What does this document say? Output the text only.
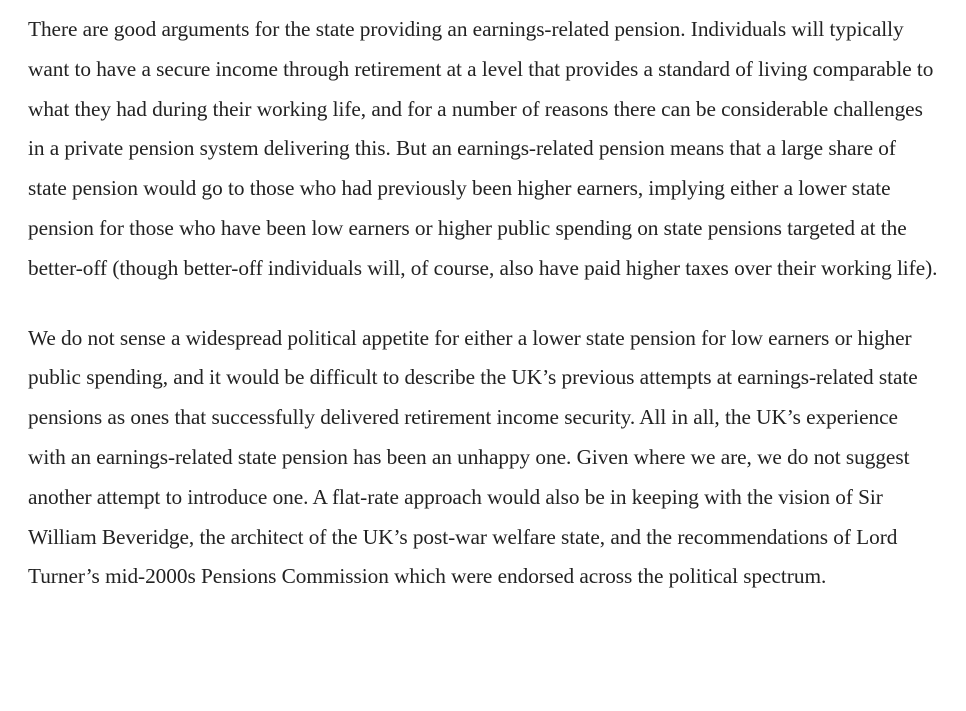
There are good arguments for the state providing an earnings-related pension. Individuals will typically want to have a secure income through retirement at a level that provides a standard of living comparable to what they had during their working life, and for a number of reasons there can be considerable challenges in a private pension system delivering this. But an earnings-related pension means that a large share of state pension would go to those who had previously been higher earners, implying either a lower state pension for those who have been low earners or higher public spending on state pensions targeted at the better-off (though better-off individuals will, of course, also have paid higher taxes over their working life).

We do not sense a widespread political appetite for either a lower state pension for low earners or higher public spending, and it would be difficult to describe the UK’s previous attempts at earnings-related state pensions as ones that successfully delivered retirement income security. All in all, the UK’s experience with an earnings-related state pension has been an unhappy one. Given where we are, we do not suggest another attempt to introduce one. A flat-rate approach would also be in keeping with the vision of Sir William Beveridge, the architect of the UK’s post-war welfare state, and the recommendations of Lord Turner’s mid-2000s Pensions Commission which were endorsed across the political spectrum.
